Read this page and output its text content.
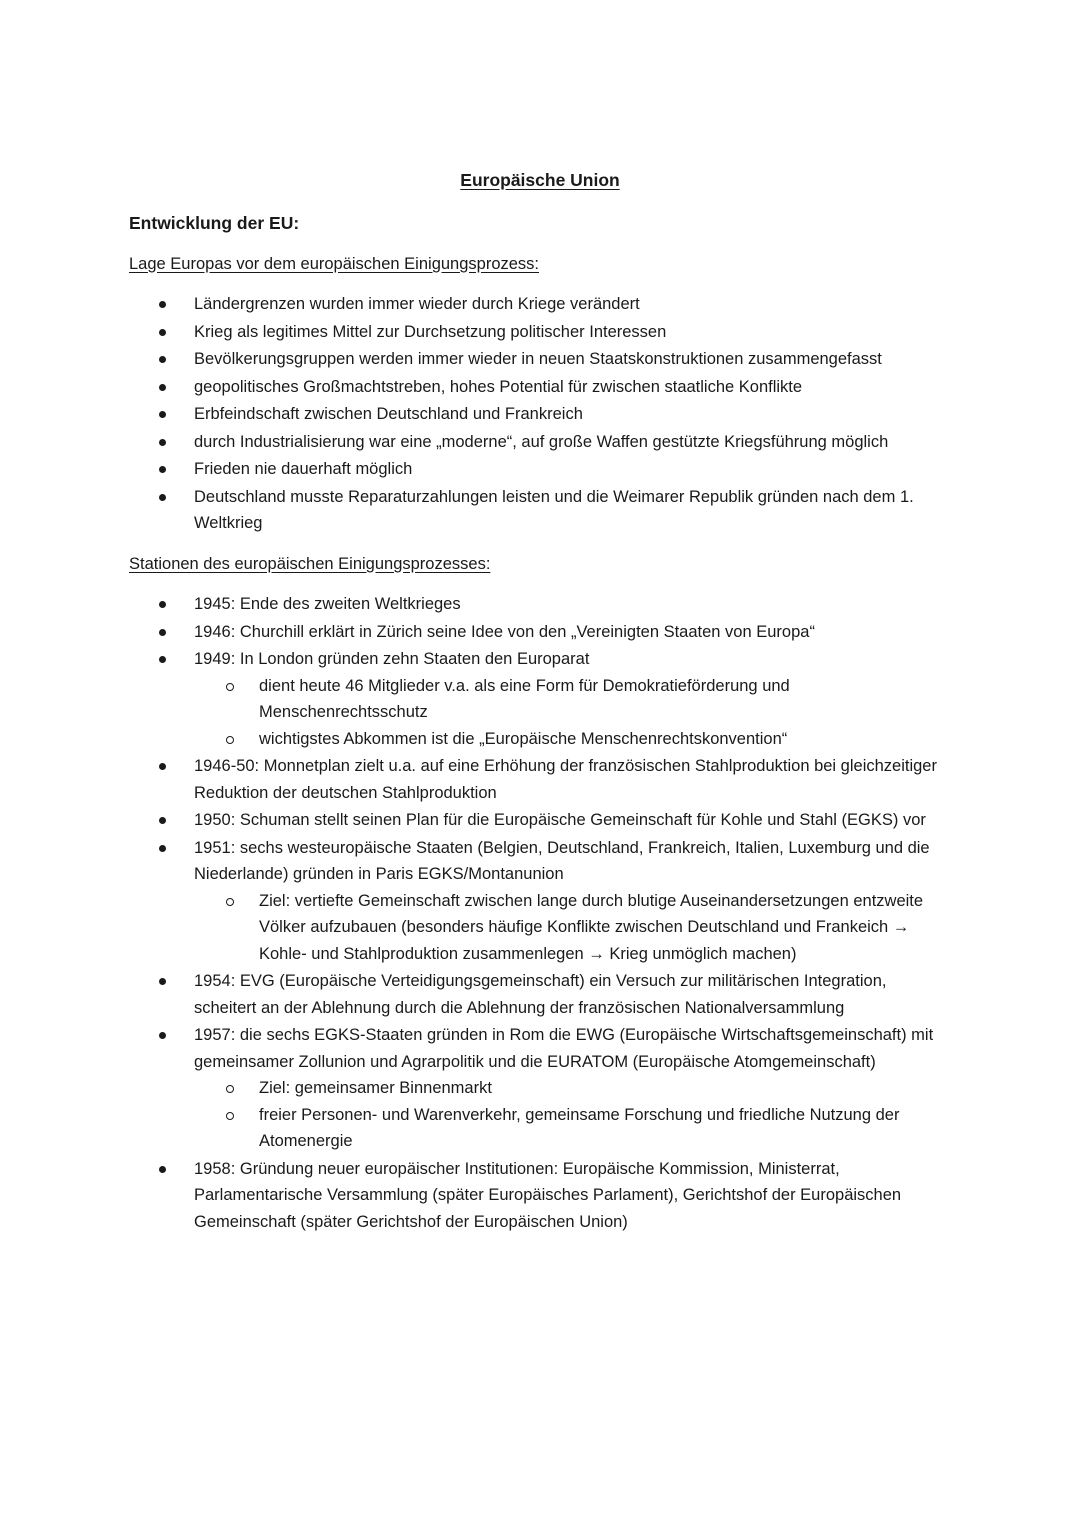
Europäische Union
Entwicklung der EU:
Lage Europas vor dem europäischen Einigungsprozess:
Ländergrenzen wurden immer wieder durch Kriege verändert
Krieg als legitimes Mittel zur Durchsetzung politischer Interessen
Bevölkerungsgruppen werden immer wieder in neuen Staatskonstruktionen zusammengefasst
geopolitisches Großmachtstreben, hohes Potential für zwischen staatliche Konflikte
Erbfeindschaft zwischen Deutschland und Frankreich
durch Industrialisierung war eine „moderne“, auf große Waffen gestützte Kriegsführung möglich
Frieden nie dauerhaft möglich
Deutschland musste Reparaturzahlungen leisten und die Weimarer Republik gründen nach dem 1. Weltkrieg
Stationen des europäischen Einigungsprozesses:
1945: Ende des zweiten Weltkrieges
1946: Churchill erklärt in Zürich seine Idee von den „Vereinigten Staaten von Europa“
1949: In London gründen zehn Staaten den Europarat
dient heute 46 Mitglieder v.a. als eine Form für Demokratieförderung und Menschenrechtsschutz
wichtigstes Abkommen ist die „Europäische Menschenrechtskonvention“
1946-50: Monnetplan zielt u.a. auf eine Erhöhung der französischen Stahlproduktion bei gleichzeitiger Reduktion der deutschen Stahlproduktion
1950: Schuman stellt seinen Plan für die Europäische Gemeinschaft für Kohle und Stahl (EGKS) vor
1951: sechs westeuropäische Staaten (Belgien, Deutschland, Frankreich, Italien, Luxemburg und die Niederlande) gründen in Paris EGKS/Montanunion
Ziel: vertiefte Gemeinschaft zwischen lange durch blutige Auseinandersetzungen entzweite Völker aufzubauen (besonders häufige Konflikte zwischen Deutschland und Frankeich → Kohle- und Stahlproduktion zusammenlegen → Krieg unmöglich machen)
1954: EVG (Europäische Verteidigungsgemeinschaft) ein Versuch zur militärischen Integration, scheitert an der Ablehnung durch die Ablehnung der französischen Nationalversammlung
1957: die sechs EGKS-Staaten gründen in Rom die EWG (Europäische Wirtschaftsgemeinschaft) mit gemeinsamer Zollunion und Agrarpolitik und die EURATOM (Europäische Atomgemeinschaft)
Ziel: gemeinsamer Binnenmarkt
freier Personen- und Warenverkehr, gemeinsame Forschung und friedliche Nutzung der Atomenergie
1958: Gründung neuer europäischer Institutionen: Europäische Kommission, Ministerrat, Parlamentarische Versammlung (später Europäisches Parlament), Gerichtshof der Europäischen Gemeinschaft (später Gerichtshof der Europäischen Union)
